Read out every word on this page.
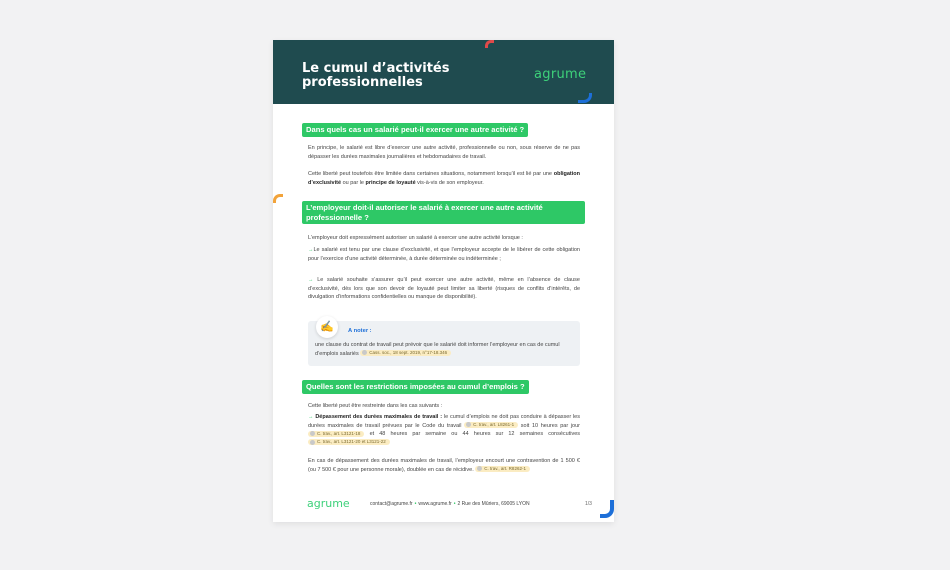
Le cumul d’activités
professionnelles
agrume
Dans quels cas un salarié peut-il exercer une autre activité ?
En principe, le salarié est libre d’exercer une autre activité, professionnelle ou non, sous réserve de ne pas dépasser les durées maximales journalières et hebdomadaires de travail.
Cette liberté peut toutefois être limitée dans certaines situations, notamment lorsqu’il est lié par une obligation d’exclusivité ou par le principe de loyauté vis-à-vis de son employeur.
L’employeur doit-il autoriser le salarié à exercer une autre activité
professionnelle ?
L’employeur doit expressément autoriser un salarié à exercer une autre activité lorsque :
→Le salarié est tenu par une clause d’exclusivité, et que l’employeur accepte de le libérer de cette obligation pour l’exercice d’une activité déterminée, à durée déterminée ou indéterminée ;
→ Le salarié souhaite s’assurer qu’il peut exercer une autre activité, même en l’absence de clause d’exclusivité, dès lors que son devoir de loyauté peut limiter sa liberté (risques de conflits d’intérêts, de divulgation d’informations confidentielles ou manque de disponibilité).
✍	A noter :
une clause du contrat de travail peut prévoir que le salarié doit informer l’employeur en cas de cumul d’emplois salariés Cass. soc., 18 sept. 2019, n°17-18.346
Quelles sont les restrictions imposées au cumul d’emplois ?
Cette liberté peut être restreinte dans les cas suivants :
→ Dépassement des durées maximales de travail : le cumul d’emplois ne doit pas conduire à dépasser les durées maximales de travail prévues par le Code du travail	C. trav., art. L8261-1 soit 10 heures par jour C. trav., art. L3121-18 et 48 heures par semaine ou 44 heures sur 12 semaines consécutives C. trav., art. L3121-20 et L3121-22
En cas de dépassement des durées maximales de travail, l’employeur encourt une contravention de 1 500 € (ou 7 500 € pour une personne morale), doublée en cas de récidive. C. trav., art. R8262-1
agrume	contact@agrume.fr • www.agrume.fr • 2 Rue des Mûriers, 69005 LYON	1/3
